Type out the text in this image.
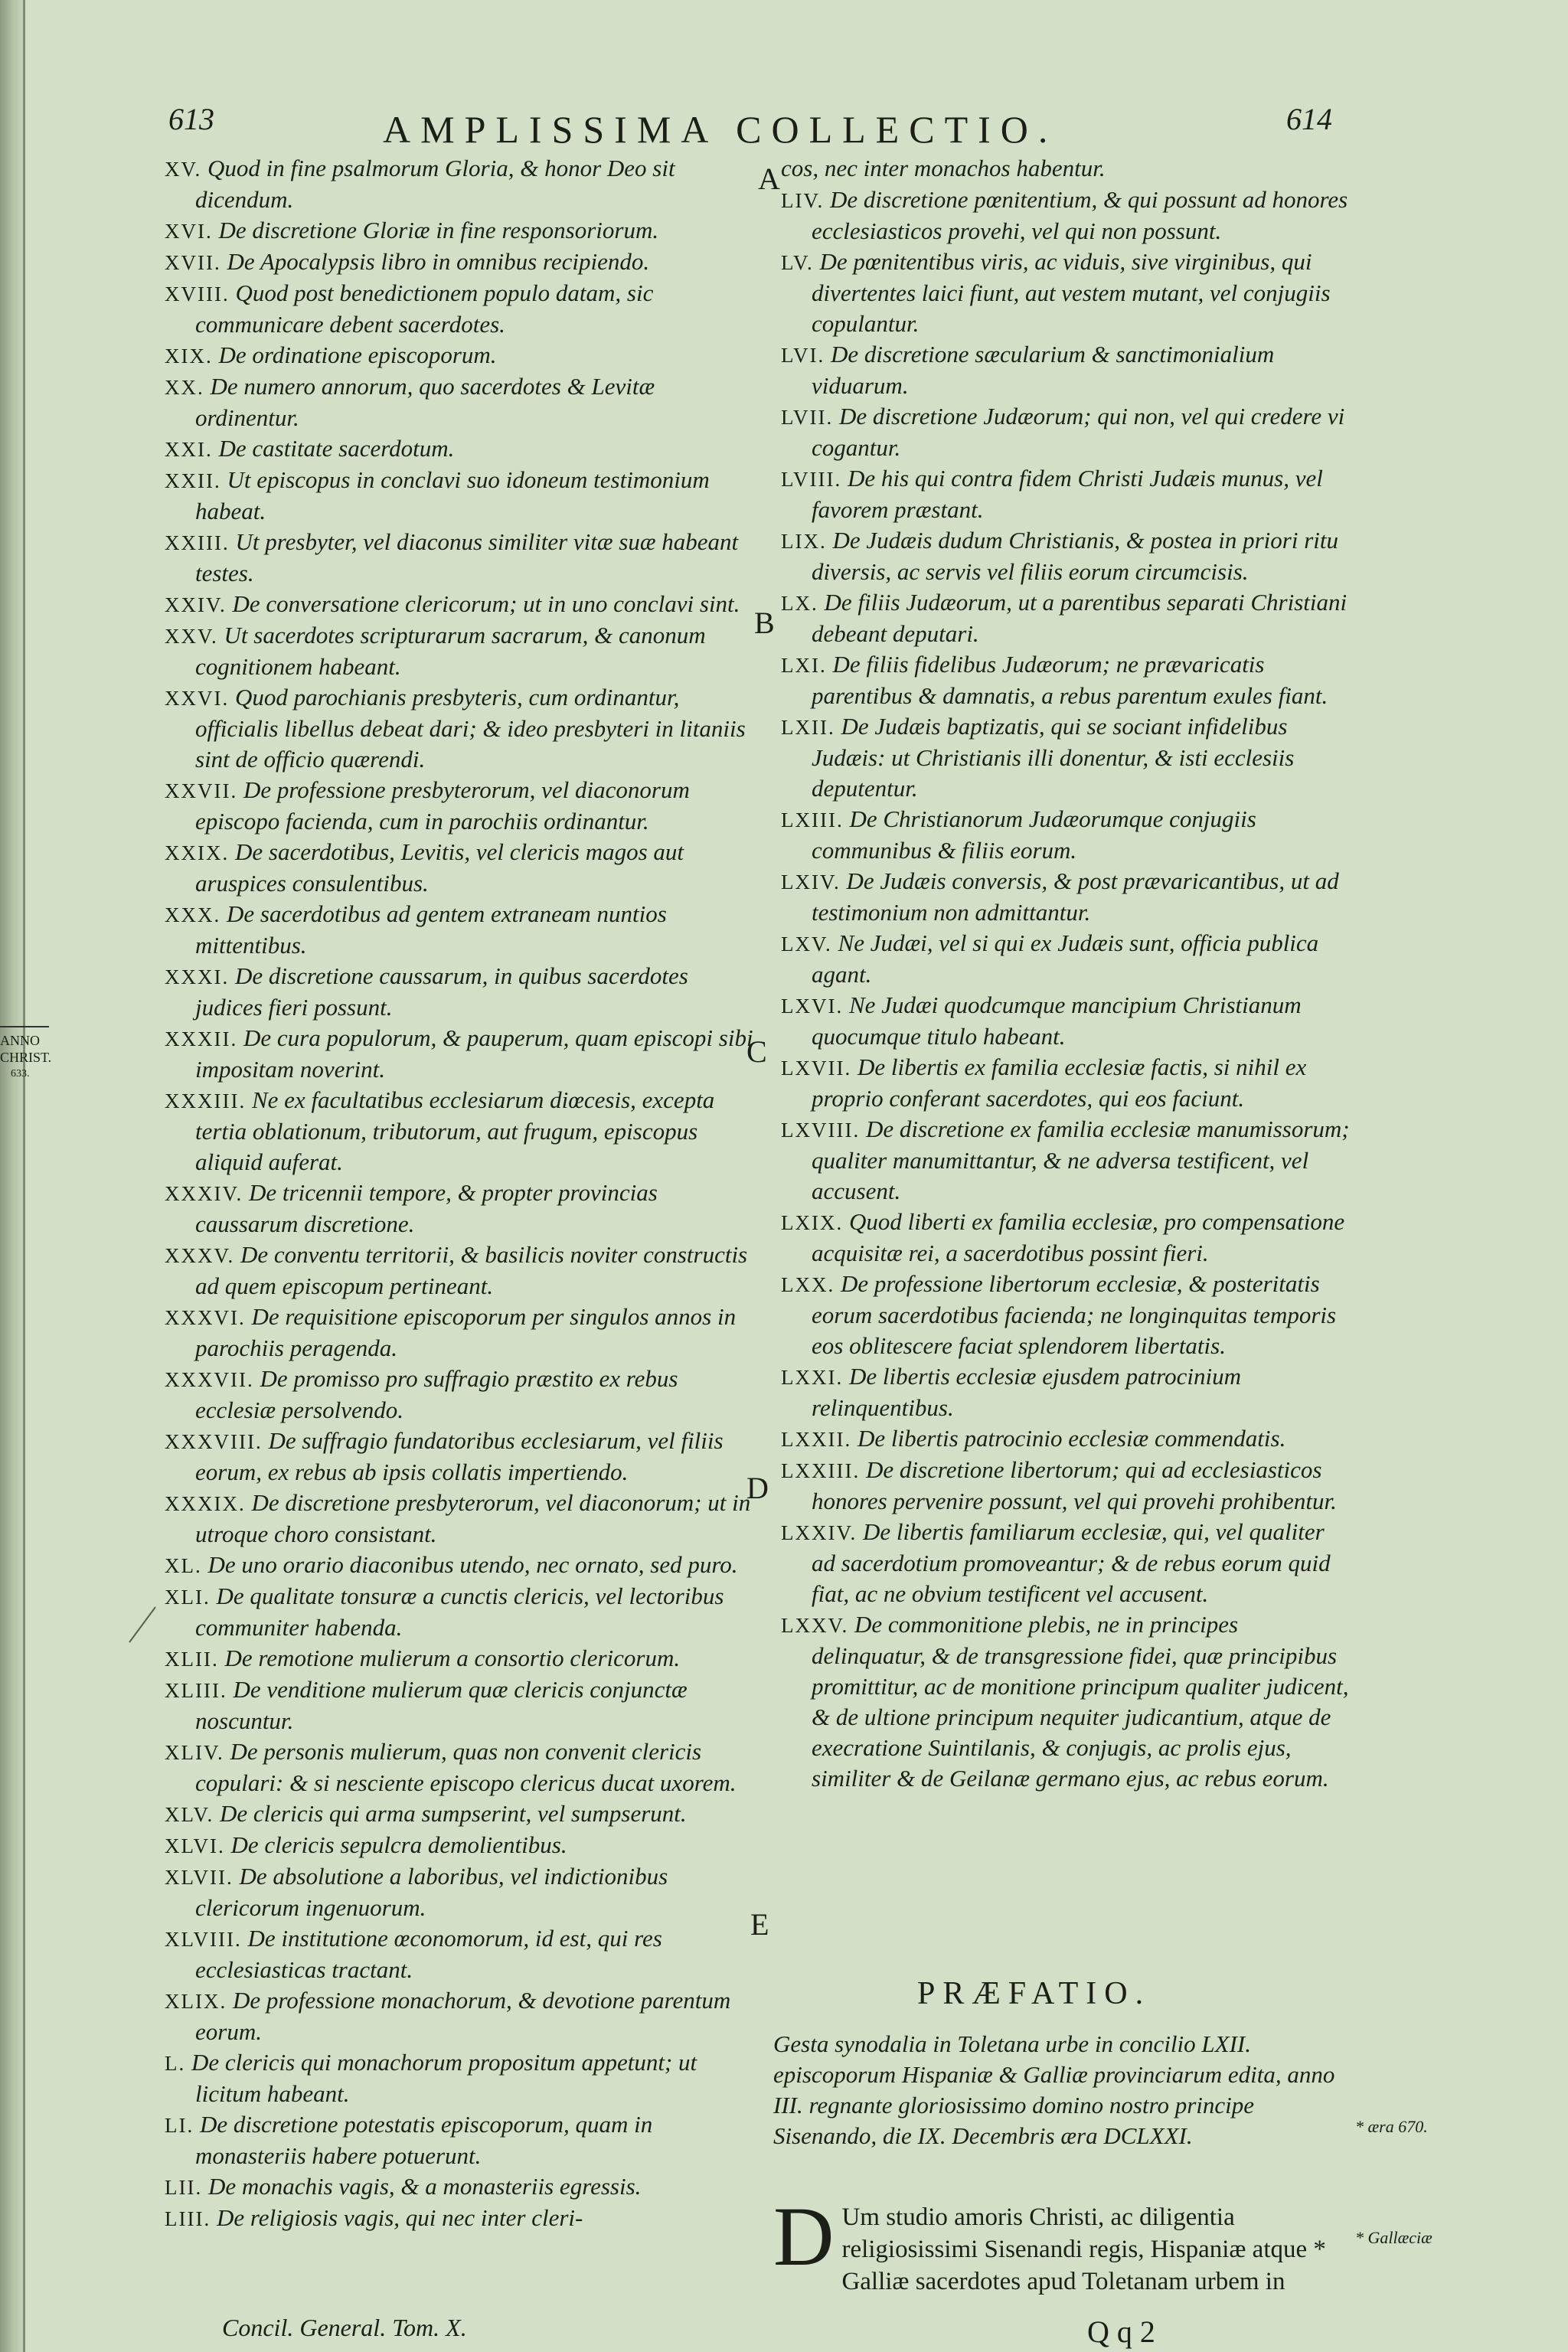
ANNO
CHRIST.
633.
613	AMPLISSIMA COLLECTIO.	614
A
B
C
D
E
XV. Quod in fine psalmorum Gloria, & honor Deo sit dicendum.
XVI. De discretione Gloriæ in fine responsoriorum.
XVII. De Apocalypsis libro in omnibus recipiendo.
XVIII. Quod post benedictionem populo datam, sic communicare debent sacerdotes.
XIX. De ordinatione episcoporum.
XX. De numero annorum, quo sacerdotes & Levitæ ordinentur.
XXI. De castitate sacerdotum.
XXII. Ut episcopus in conclavi suo idoneum testimonium habeat.
XXIII. Ut presbyter, vel diaconus similiter vitæ suæ habeant testes.
XXIV. De conversatione clericorum; ut in uno conclavi sint.
XXV. Ut sacerdotes scripturarum sacrarum, & canonum cognitionem habeant.
XXVI. Quod parochianis presbyteris, cum ordinantur, officialis libellus debeat dari; & ideo presbyteri in litaniis sint de officio quærendi.
XXVII. De professione presbyterorum, vel diaconorum episcopo facienda, cum in parochiis ordinantur.
XXIX. De sacerdotibus, Levitis, vel clericis magos aut aruspices consulentibus.
XXX. De sacerdotibus ad gentem extraneam nuntios mittentibus.
XXXI. De discretione caussarum, in quibus sacerdotes judices fieri possunt.
XXXII. De cura populorum, & pauperum, quam episcopi sibi impositam noverint.
XXXIII. Ne ex facultatibus ecclesiarum diœcesis, excepta tertia oblationum, tributorum, aut frugum, episcopus aliquid auferat.
XXXIV. De tricennii tempore, & propter provincias caussarum discretione.
XXXV. De conventu territorii, & basilicis noviter constructis ad quem episcopum pertineant.
XXXVI. De requisitione episcoporum per singulos annos in parochiis peragenda.
XXXVII. De promisso pro suffragio præstito ex rebus ecclesiæ persolvendo.
XXXVIII. De suffragio fundatoribus ecclesiarum, vel filiis eorum, ex rebus ab ipsis collatis impertiendo.
XXXIX. De discretione presbyterorum, vel diaconorum; ut in utroque choro consistant.
XL. De uno orario diaconibus utendo, nec ornato, sed puro.
XLI. De qualitate tonsuræ a cunctis clericis, vel lectoribus communiter habenda.
XLII. De remotione mulierum a consortio clericorum.
XLIII. De venditione mulierum quæ clericis conjunctæ noscuntur.
XLIV. De personis mulierum, quas non convenit clericis copulari: & si nesciente episcopo clericus ducat uxorem.
XLV. De clericis qui arma sumpserint, vel sumpserunt.
XLVI. De clericis sepulcra demolientibus.
XLVII. De absolutione a laboribus, vel indictionibus clericorum ingenuorum.
XLVIII. De institutione œconomorum, id est, qui res ecclesiasticas tractant.
XLIX. De professione monachorum, & devotione parentum eorum.
L. De clericis qui monachorum propositum appetunt; ut licitum habeant.
LI. De discretione potestatis episcoporum, quam in monasteriis habere potuerunt.
LII. De monachis vagis, & a monasteriis egressis.
LIII. De religiosis vagis, qui nec inter cleri-
cos, nec inter monachos habentur.
LIV. De discretione pœnitentium, & qui possunt ad honores ecclesiasticos provehi, vel qui non possunt.
LV. De pœnitentibus viris, ac viduis, sive virginibus, qui divertentes laici fiunt, aut vestem mutant, vel conjugiis copulantur.
LVI. De discretione sæcularium & sanctimonialium viduarum.
LVII. De discretione Judæorum; qui non, vel qui credere vi cogantur.
LVIII. De his qui contra fidem Christi Judæis munus, vel favorem præstant.
LIX. De Judæis dudum Christianis, & postea in priori ritu diversis, ac servis vel filiis eorum circumcisis.
LX. De filiis Judæorum, ut a parentibus separati Christiani debeant deputari.
LXI. De filiis fidelibus Judæorum; ne prævaricatis parentibus & damnatis, a rebus parentum exules fiant.
LXII. De Judæis baptizatis, qui se sociant infidelibus Judæis: ut Christianis illi donentur, & isti ecclesiis deputentur.
LXIII. De Christianorum Judæorumque conjugiis communibus & filiis eorum.
LXIV. De Judæis conversis, & post prævaricantibus, ut ad testimonium non admittantur.
LXV. Ne Judæi, vel si qui ex Judæis sunt, officia publica agant.
LXVI. Ne Judæi quodcumque mancipium Christianum quocumque titulo habeant.
LXVII. De libertis ex familia ecclesiæ factis, si nihil ex proprio conferant sacerdotes, qui eos faciunt.
LXVIII. De discretione ex familia ecclesiæ manumissorum; qualiter manumittantur, & ne adversa testificent, vel accusent.
LXIX. Quod liberti ex familia ecclesiæ, pro compensatione acquisitæ rei, a sacerdotibus possint fieri.
LXX. De professione libertorum ecclesiæ, & posteritatis eorum sacerdotibus facienda; ne longinquitas temporis eos oblitescere faciat splendorem libertatis.
LXXI. De libertis ecclesiæ ejusdem patrocinium relinquentibus.
LXXII. De libertis patrocinio ecclesiæ commendatis.
LXXIII. De discretione libertorum; qui ad ecclesiasticos honores pervenire possunt, vel qui provehi prohibentur.
LXXIV. De libertis familiarum ecclesiæ, qui, vel qualiter ad sacerdotium promoveantur; & de rebus eorum quid fiat, ac ne obvium testificent vel accusent.
LXXV. De commonitione plebis, ne in principes delinquatur, & de transgressione fidei, quæ principibus promittitur, ac de monitione principum qualiter judicent, & de ultione principum nequiter judicantium, atque de execratione Suintilanis, & conjugis, ac prolis ejus, similiter & de Geilanæ germano ejus, ac rebus eorum.
PRÆFATIO.
Gesta synodalia in Toletana urbe in concilio LXII. episcoporum Hispaniæ & Galliæ provinciarum edita, anno III. regnante gloriosissimo domino nostro principe Sisenando, die IX. Decembris æra DCLXXI.	* æra 670.
D Um studio amoris Christi, ac diligentia religiosissimi Sisenandi regis, Hispaniæ atque * Galliæ sacerdotes apud Toletanam urbem in
* Gallæciæ
Concil. General. Tom. X.	Q q 2
